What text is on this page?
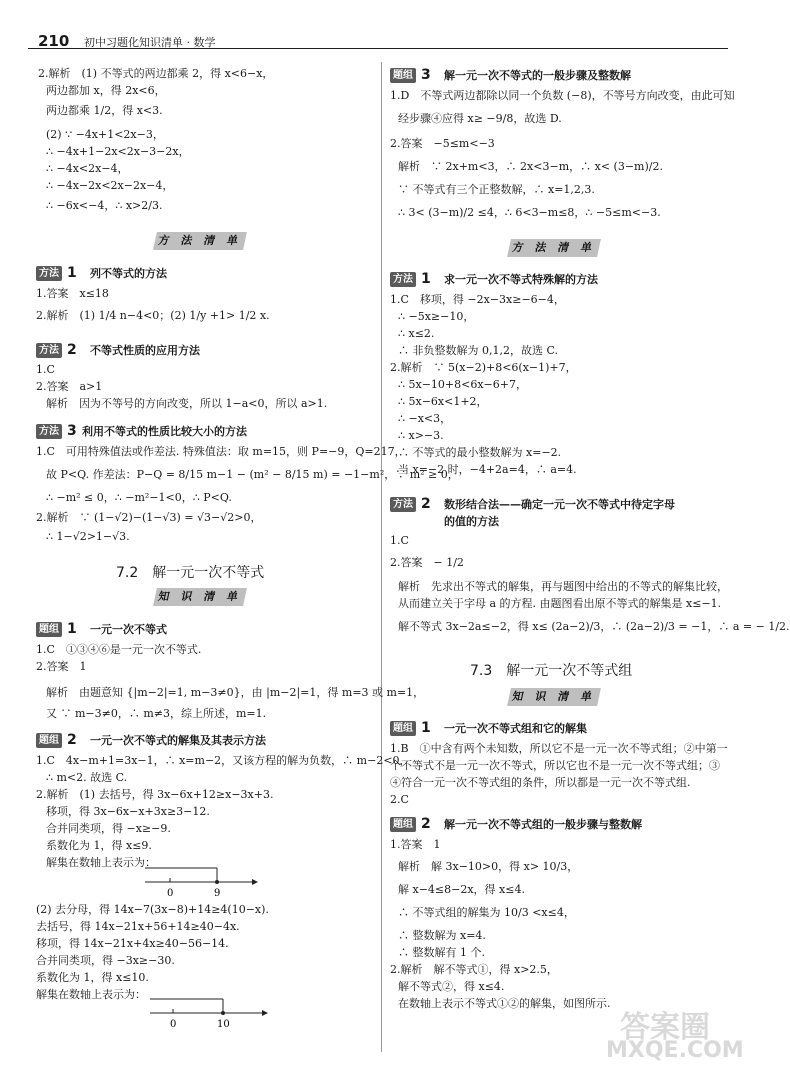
210 初中习题化知识清单 · 数学
2.解析　(1) 不等式的两边都乘 2，得 x<6−x，
两边都加 x，得 2x<6，
两边都乘 1/2，得 x<3.
(2) ∵ −4x+1<2x−3，
∴ −4x+1−2x<2x−3−2x，
∴ −4x<2x−4，
∴ −4x−2x<2x−2x−4，
∴ −6x<−4，∴ x>2/3.
方 法 清 单
方法 1 列不等式的方法
1.答案　x≤18
2.解析　(1) 1/4 n−4<0；(2) 1/y +1> 1/2 x.
方法 2 不等式性质的应用方法
1.C
2.答案　a>1
解析　因为不等号的方向改变，所以 1−a<0，所以 a>1.
方法 3 利用不等式的性质比较大小的方法
1.C　可用特殊值法或作差法. 特殊值法：取 m=15，则 P=−9，Q=217，
故 P<Q. 作差法：P−Q = 8/15 m−1 − (m² − 8/15 m) = −1−m²，∵ m² ≥ 0，
∴ −m² ≤ 0，∴ −m²−1<0，∴ P<Q.
2.解析　∵ (1−√2)−(1−√3) = √3−√2>0，
∴ 1−√2>1−√3.
7.2　解一元一次不等式
知 识 清 单
题组 1 一元一次不等式
1.C　①③④⑥是一元一次不等式.
2.答案　1
解析　由题意知 {|m−2|=1, m−3≠0}，由 |m−2|=1，得 m=3 或 m=1，
又 ∵ m−3≠0，∴ m≠3，综上所述，m=1.
题组 2 一元一次不等式的解集及其表示方法
1.C　4x−m+1=3x−1，∴ x=m−2，又该方程的解为负数，∴ m−2<0，
∴ m<2. 故选 C.
2.解析　(1) 去括号，得 3x−6x+12≥x−3x+3.
移项，得 3x−6x−x+3x≥3−12.
合并同类项，得 −x≥−9.
系数化为 1，得 x≤9.
解集在数轴上表示为：
0	9
(2) 去分母，得 14x−7(3x−8)+14≥4(10−x).
去括号，得 14x−21x+56+14≥40−4x.
移项，得 14x−21x+4x≥40−56−14.
合并同类项，得 −3x≥−30.
系数化为 1，得 x≤10.
解集在数轴上表示为：
0	10
题组 3 解一元一次不等式的一般步骤及整数解
1.D　不等式两边都除以同一个负数 (−8)，不等号方向改变，由此可知
经步骤④应得 x≥ −9/8，故选 D.
2.答案　−5≤m<−3
解析　∵ 2x+m<3，∴ 2x<3−m，∴ x< (3−m)/2.
∵ 不等式有三个正整数解，∴ x=1,2,3.
∴ 3< (3−m)/2 ≤4，∴ 6<3−m≤8，∴ −5≤m<−3.
方 法 清 单
方法 1 求一元一次不等式特殊解的方法
1.C　移项，得 −2x−3x≥−6−4，
∴ −5x≥−10，
∴ x≤2.
∴ 非负整数解为 0,1,2，故选 C.
2.解析　∵ 5(x−2)+8<6(x−1)+7，
∴ 5x−10+8<6x−6+7，
∴ 5x−6x<1+2，
∴ −x<3，
∴ x>−3.
∴ 不等式的最小整数解为 x=−2.
当 x=−2 时，−4+2a=4，∴ a=4.
方法 2 数形结合法——确定一元一次不等式中待定字母
的值的方法
1.C
2.答案　− 1/2
解析　先求出不等式的解集，再与题图中给出的不等式的解集比较，
从而建立关于字母 a 的方程. 由题图看出原不等式的解集是 x≤−1.
解不等式 3x−2a≤−2，得 x≤ (2a−2)/3，∴ (2a−2)/3 = −1，∴ a = − 1/2.
7.3　解一元一次不等式组
知 识 清 单
题组 1 一元一次不等式组和它的解集
1.B　①中含有两个未知数，所以它不是一元一次不等式组；②中第一
个不等式不是一元一次不等式，所以它也不是一元一次不等式组；③
④符合一元一次不等式组的条件，所以都是一元一次不等式组.
2.C
题组 2 解一元一次不等式组的一般步骤与整数解
1.答案　1
解析　解 3x−10>0，得 x> 10/3，
解 x−4≤8−2x，得 x≤4.
∴ 不等式组的解集为 10/3 <x≤4，
∴ 整数解为 x=4.
∴ 整数解有 1 个.
2.解析　解不等式①，得 x>2.5，
解不等式②，得 x≤4.
在数轴上表示不等式①②的解集，如图所示.
答案圈
MXQE.COM
